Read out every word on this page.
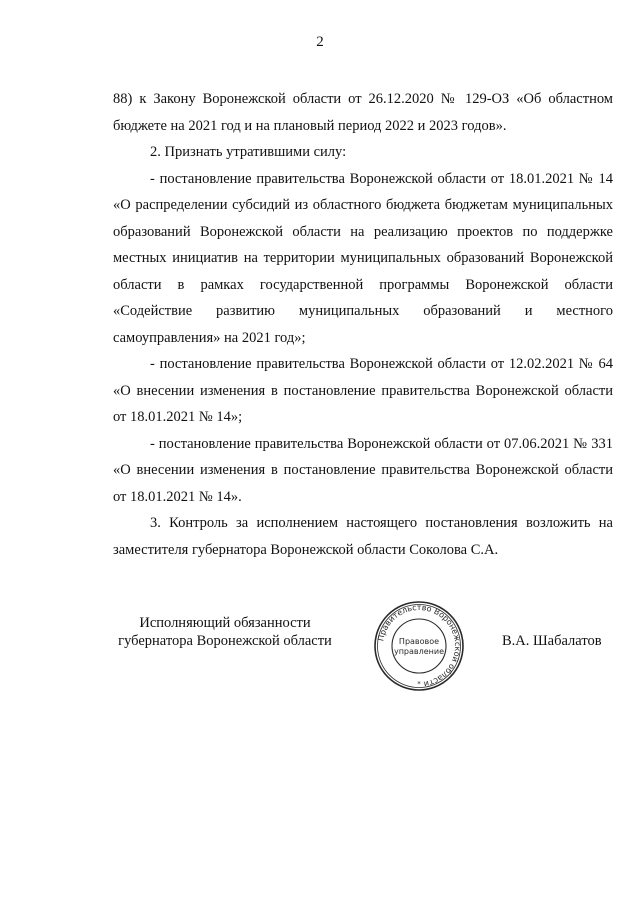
2

88) к Закону Воронежской области от 26.12.2020 № 129-ОЗ «Об областном бюджете на 2021 год и на плановый период 2022 и 2023 годов».

2. Признать утратившими силу:

- постановление правительства Воронежской области от 18.01.2021 № 14 «О распределении субсидий из областного бюджета бюджетам муниципальных образований Воронежской области на реализацию проектов по поддержке местных инициатив на территории муниципальных образований Воронежской области в рамках государственной программы Воронежской области «Содействие развитию муниципальных образований и местного самоуправления» на 2021 год»;

- постановление правительства Воронежской области от 12.02.2021 № 64 «О внесении изменения в постановление правительства Воронежской области от 18.01.2021 № 14»;

- постановление правительства Воронежской области от 07.06.2021 № 331 «О внесении изменения в постановление правительства Воронежской области от 18.01.2021 № 14».

3. Контроль за исполнением настоящего постановления возложить на заместителя губернатора Воронежской области Соколова С.А.

Исполняющий обязанности
губернатора Воронежской области	Правительство Воронежской области
Правовое
управление
*
В.А. Шабалатов
